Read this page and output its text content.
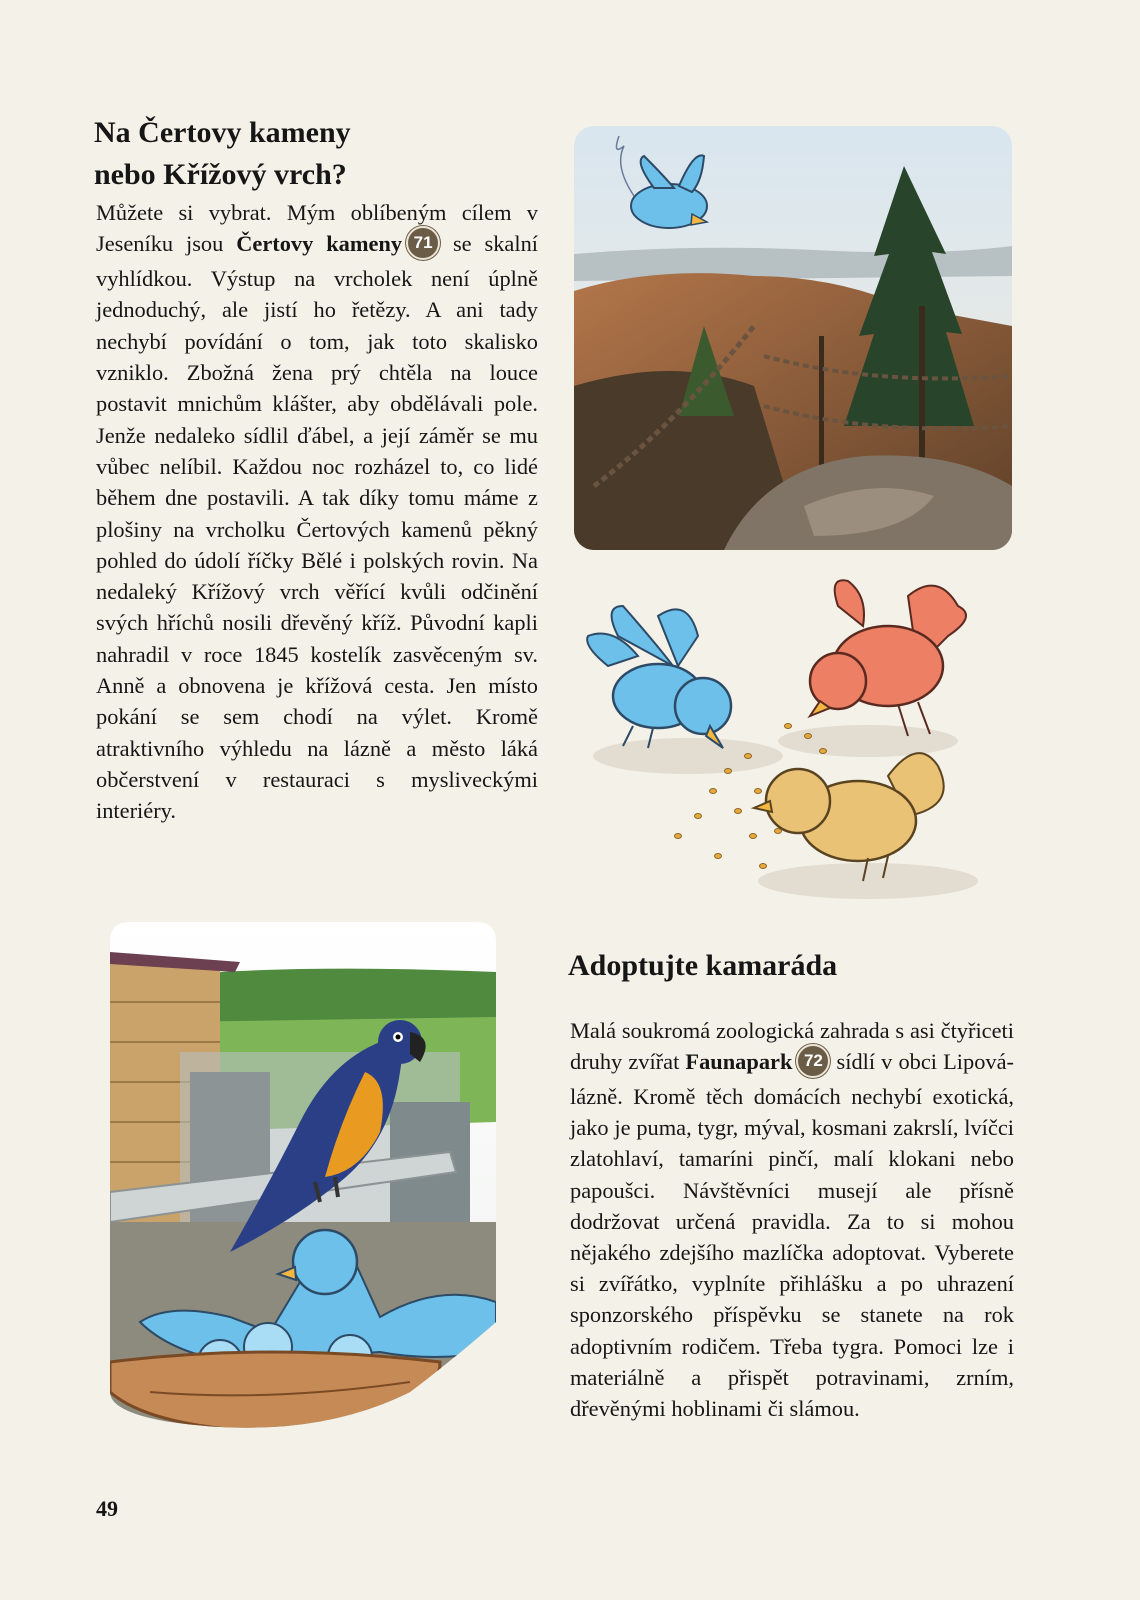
Na Čertovy kameny
nebo Křížový vrch?

Můžete si vybrat. Mým oblíbeným cílem v Jeseníku jsou Čertovy kameny 71 se skalní vyhlídkou. Výstup na vrcholek není úplně jednoduchý, ale jistí ho řetězy. A ani tady nechybí povídání o tom, jak toto skalisko vzniklo. Zbožná žena prý chtěla na louce postavit mnichům klášter, aby obdělávali pole. Jenže nedaleko sídlil ďábel, a její záměr se mu vůbec nelíbil. Každou noc rozházel to, co lidé během dne postavili. A tak díky tomu máme z plošiny na vrcholku Čertových kamenů pěkný pohled do údolí říčky Bělé i polských rovin. Na nedaleký Křížový vrch věřící kvůli odčinění svých hříchů nosili dřevěný kříž. Původní kapli nahradil v roce 1845 kostelík zasvěceným sv. Anně a obnovena je křížová cesta. Jen místo pokání se sem chodí na výlet. Kromě atraktivního výhledu na lázně a město láká občerstvení v restauraci s mysliveckými interiéry.

Adoptujte kamaráda

Malá soukromá zoologická zahrada s asi čtyřiceti druhy zvířat Faunapark 72 sídlí v obci Lipová-lázně. Kromě těch domácích nechybí exotická, jako je puma, tygr, mýval, kosmani zakrslí, lvíčci zlatohlaví, tamaríni pinčí, malí klokani nebo papoušci. Návštěvníci musejí ale přísně dodržovat určená pravidla. Za to si mohou nějakého zdejšího mazlíčka adoptovat. Vyberete si zvířátko, vyplníte přihlášku a po uhrazení sponzorského příspěvku se stanete na rok adoptivním rodičem. Třeba tygra. Pomoci lze i materiálně a přispět potravinami, zrním, dřevěnými hoblinami či slámou.

49
